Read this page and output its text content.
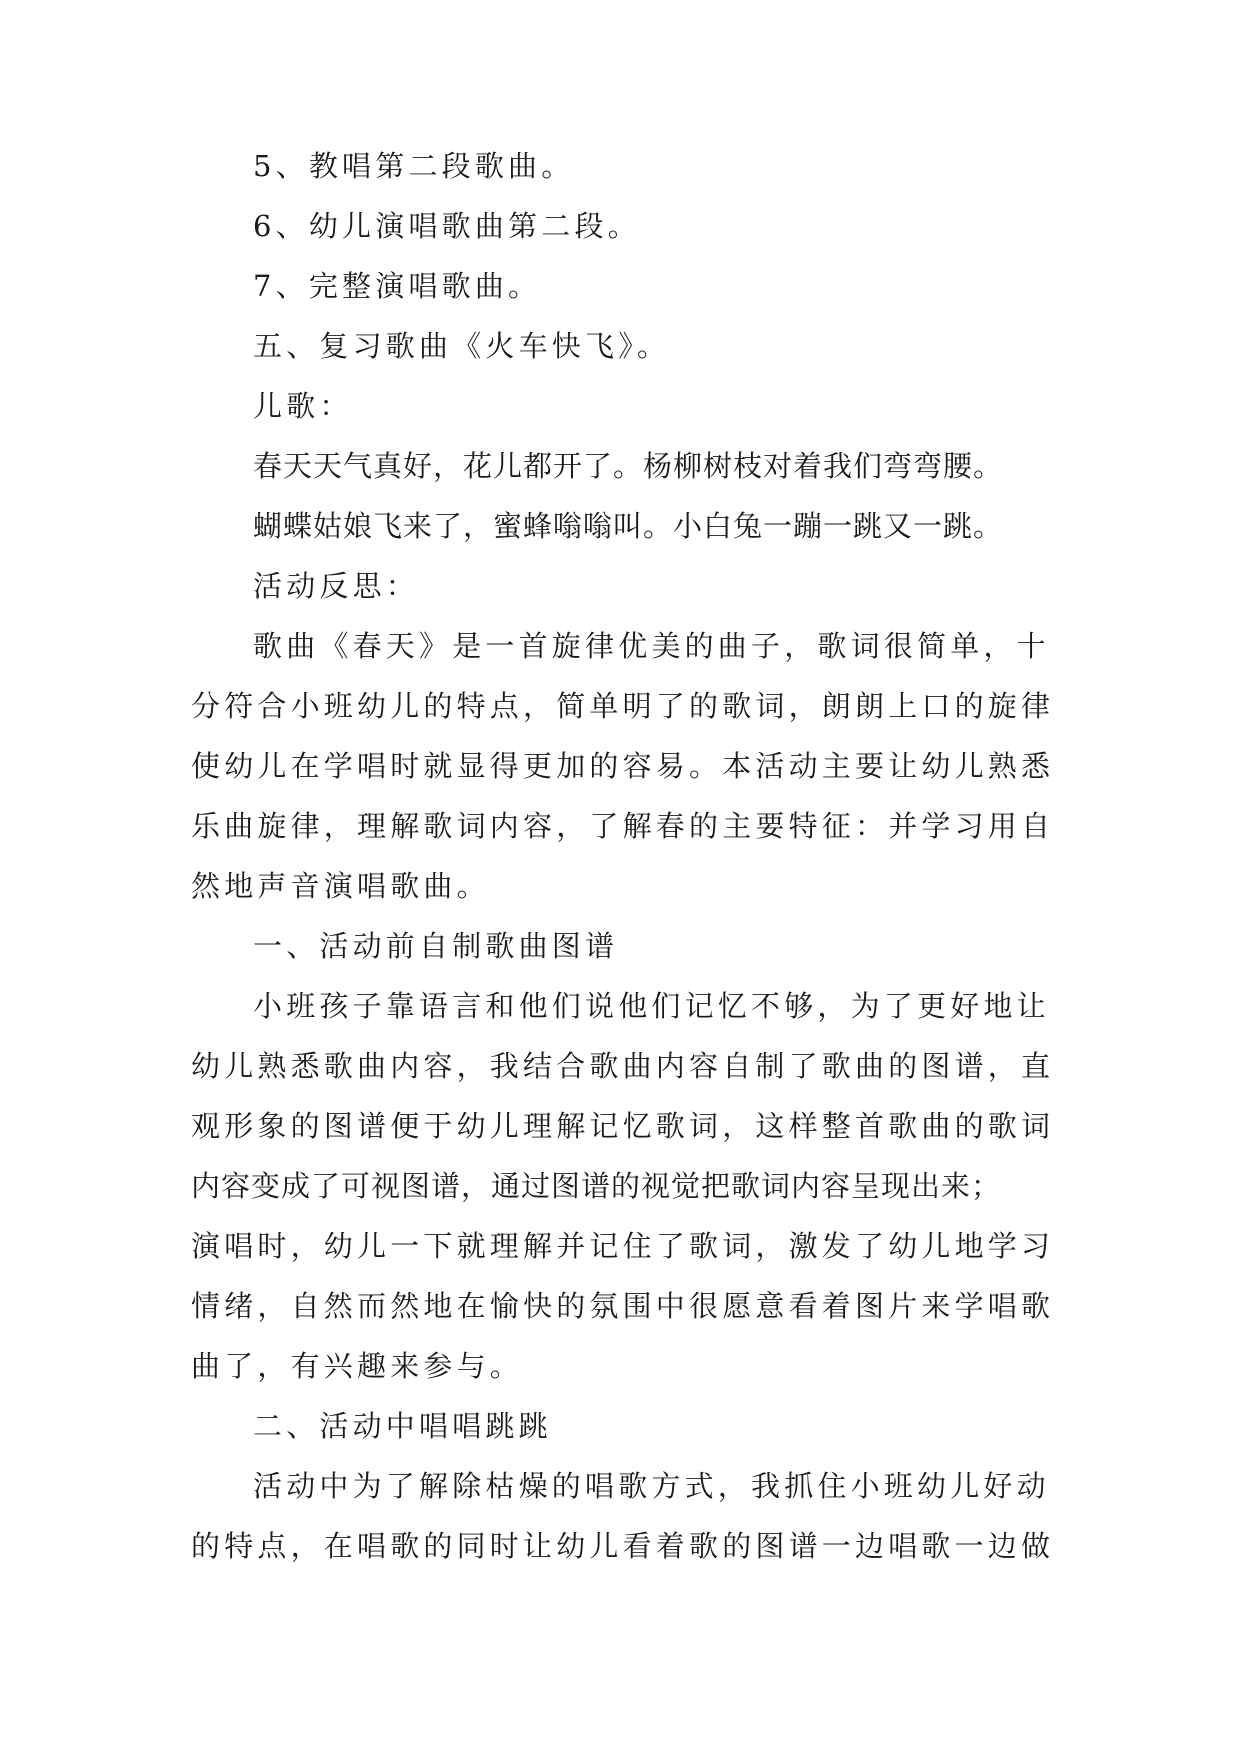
5、教唱第二段歌曲。
6、幼儿演唱歌曲第二段。
7、完整演唱歌曲。
五、复习歌曲《火车快飞》。
儿歌：
春天天气真好，花儿都开了。杨柳树枝对着我们弯弯腰。
蝴蝶姑娘飞来了，蜜蜂嗡嗡叫。小白兔一蹦一跳又一跳。
活动反思：
歌曲《春天》是一首旋律优美的曲子，歌词很简单，十
分符合小班幼儿的特点，简单明了的歌词，朗朗上口的旋律
使幼儿在学唱时就显得更加的容易。本活动主要让幼儿熟悉
乐曲旋律，理解歌词内容，了解春的主要特征：并学习用自
然地声音演唱歌曲。
一、活动前自制歌曲图谱
小班孩子靠语言和他们说他们记忆不够，为了更好地让
幼儿熟悉歌曲内容，我结合歌曲内容自制了歌曲的图谱，直
观形象的图谱便于幼儿理解记忆歌词，这样整首歌曲的歌词
内容变成了可视图谱，通过图谱的视觉把歌词内容呈现出来；
演唱时，幼儿一下就理解并记住了歌词，激发了幼儿地学习
情绪，自然而然地在愉快的氛围中很愿意看着图片来学唱歌
曲了，有兴趣来参与。
二、活动中唱唱跳跳
活动中为了解除枯燥的唱歌方式，我抓住小班幼儿好动
的特点，在唱歌的同时让幼儿看着歌的图谱一边唱歌一边做
